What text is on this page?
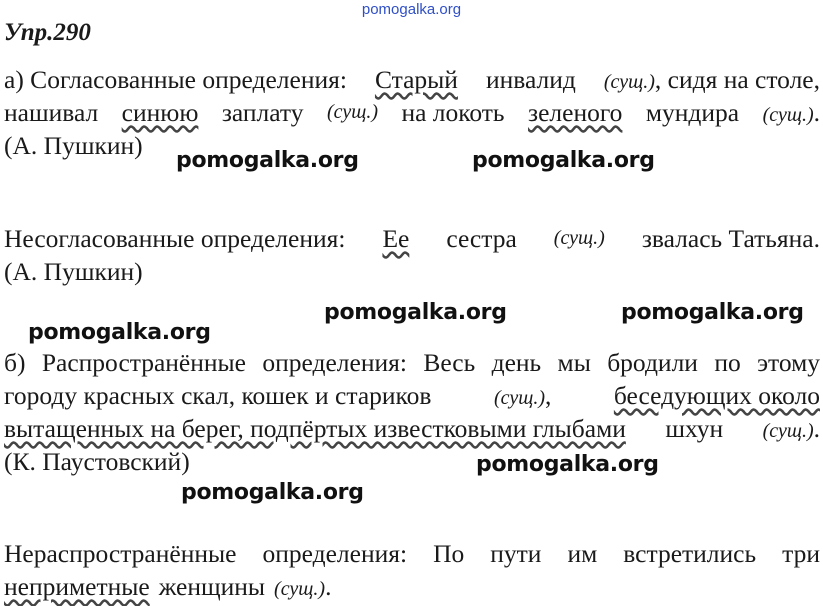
pomogalka.org
Упр.290
а) Согласованные определения: Старый инвалид (сущ.), сидя на столе,
нашивал синюю заплату (сущ.) на локоть зеленого мундира (сущ.).
(А. Пушкин)
pomogalka.org	pomogalka.org
Несогласованные определения: Ее сестра (сущ.) звалась Татьяна.
(А. Пушкин)
pomogalka.org	pomogalka.org
pomogalka.org
б) Распространённые определения: Весь день мы бродили по этому
городу красных скал, кошек и стариков	(сущ.), беседующих около
вытащенных на берег, подпёртых известковыми глыбами шхун (сущ.).
(К. Паустовский)	pomogalka.org
pomogalka.org
Нераспространённые определения: По пути им встретились три
неприметные женщины (сущ.).
